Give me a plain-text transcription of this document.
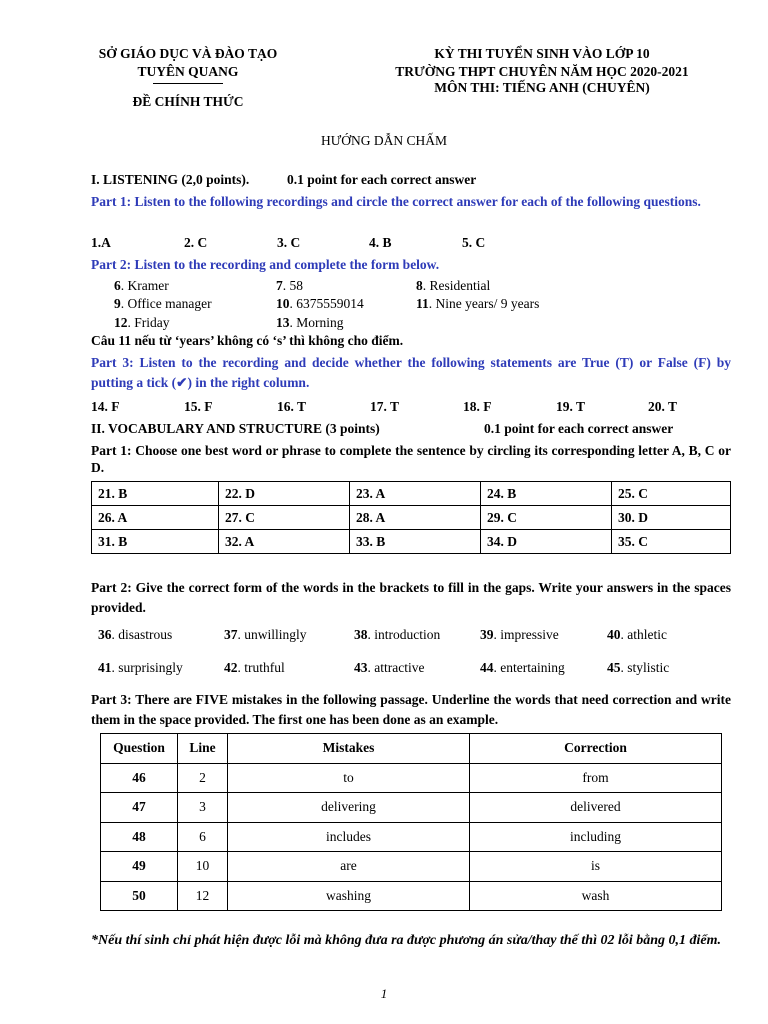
SỞ GIÁO DỤC VÀ ĐÀO TẠO
TUYÊN QUANG
ĐỀ CHÍNH THỨC
KỲ THI TUYỂN SINH VÀO LỚP 10
TRƯỜNG THPT CHUYÊN NĂM HỌC 2020-2021
MÔN THI: TIẾNG ANH (CHUYÊN)
HƯỚNG DẪN CHẤM
I. LISTENING (2,0 points).	0.1 point for each correct answer
Part 1: Listen to the following recordings and circle the correct answer for each of the following questions.
1.A	2. C	3. C	4. B	5. C
Part 2: Listen to the recording and complete the form below.
6. Kramer	7. 58	8. Residential
9. Office manager	10. 6375559014	11. Nine years/ 9 years
12. Friday	13. Morning
Câu 11 nếu từ ‘years’ không có ‘s’ thì không cho điểm.
Part 3: Listen to the recording and decide whether the following statements are True (T) or False (F) by putting a tick (✔) in the right column.
14. F	15. F	16. T	17. T	18. F	19. T	20. T
II. VOCABULARY AND STRUCTURE (3 points)	0.1 point for each correct answer
Part 1: Choose one best word or phrase to complete the sentence by circling its corresponding letter A, B, C or D.
21. B	22. D	23. A	24. B	25. C
26. A	27. C	28. A	29. C	30. D
31. B	32. A	33. B	34. D	35. C
Part 2: Give the correct form of the words in the brackets to fill in the gaps. Write your answers in the spaces provided.
36. disastrous	37. unwillingly	38. introduction	39. impressive	40. athletic
41. surprisingly	42. truthful	43. attractive	44. entertaining	45. stylistic
Part 3: There are FIVE mistakes in the following passage. Underline the words that need correction and write them in the space provided. The first one has been done as an example.
Question	Line	Mistakes	Correction
46	2	to	from
47	3	delivering	delivered
48	6	includes	including
49	10	are	is
50	12	washing	wash
*Nếu thí sinh chỉ phát hiện được lỗi mà không đưa ra được phương án sửa/thay thế thì 02 lỗi bằng 0,1 điểm.
1
